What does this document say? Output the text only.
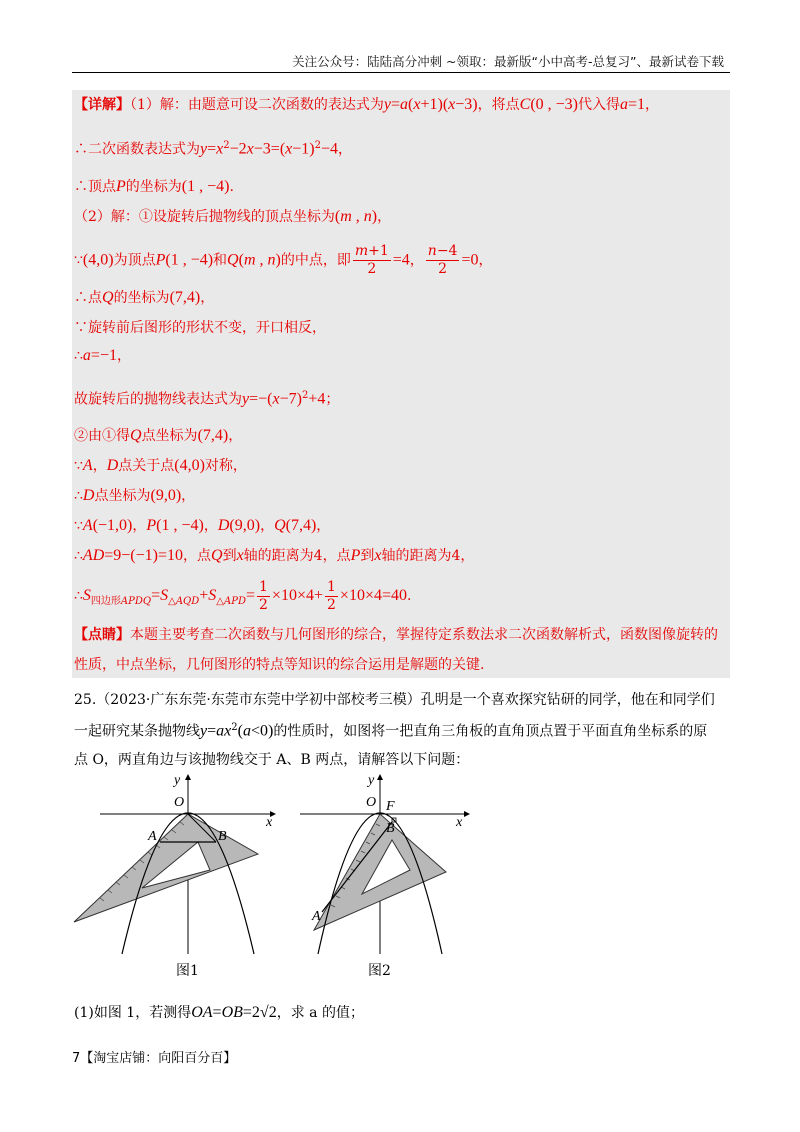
关注公众号：陆陆高分冲刺 ~领取：最新版“小中高考-总复习”、最新试卷下载
【详解】（1）解：由题意可设二次函数的表达式为y=a(x+1)(x−3)，将点C(0 , −3)代入得a=1，
∴二次函数表达式为$y=x^2-2x-3=(x-1)^2-4$，
∴顶点P的坐标为(1 , −4).
（2）解：①设旋转后抛物线的顶点坐标为(m , n)，
∵(4,0)为顶点P(1 , −4)和Q(m , n)的中点，即 $\frac{m+1}{2} =4$， $\frac{n-4}{2} =0$，
∴点Q的坐标为(7,4)，
∵旋转前后图形的形状不变，开口相反，
∴a=−1，
故旋转后的抛物线表达式为$y=-(x-7)^2+4$；
②由①得Q点坐标为(7,4)，
∵A，D点关于点(4,0)对称，
∴D点坐标为(9,0)，
∵A(−1,0)，P(1 , −4)，D(9,0)，Q(7,4)，
∴AD=9−(−1)=10，点Q到x轴的距离为4，点P到x轴的距离为4，
$\therefore S_{四边形APDQ}=S_{\triangle AQD}+S_{\triangle APD}= \frac{1}{2} \times 10\times 4+ \frac{1}{2} \times 10\times 4=40$.
【点睛】本题主要考查二次函数与几何图形的综合，掌握待定系数法求二次函数解析式，函数图像旋转的
性质，中点坐标，几何图形的特点等知识的综合运用是解题的关键.
25.（2023·广东东莞·东莞市东莞中学初中部校考三模）孔明是一个喜欢探究钻研的同学，他在和同学们
一起研究某条抛物线$y=ax^2(a<0)$的性质时，如图将一把直角三角板的直角顶点置于平面直角坐标系的原
点 O，两直角边与该抛物线交于 A、B 两点，请解答以下问题：
O
y
x
A	B
图1
O
y
x
F
B
A
图2
(1)如图 1，若测得OA=OB=2√2，求 a 的值；
7【淘宝店铺：向阳百分百】
